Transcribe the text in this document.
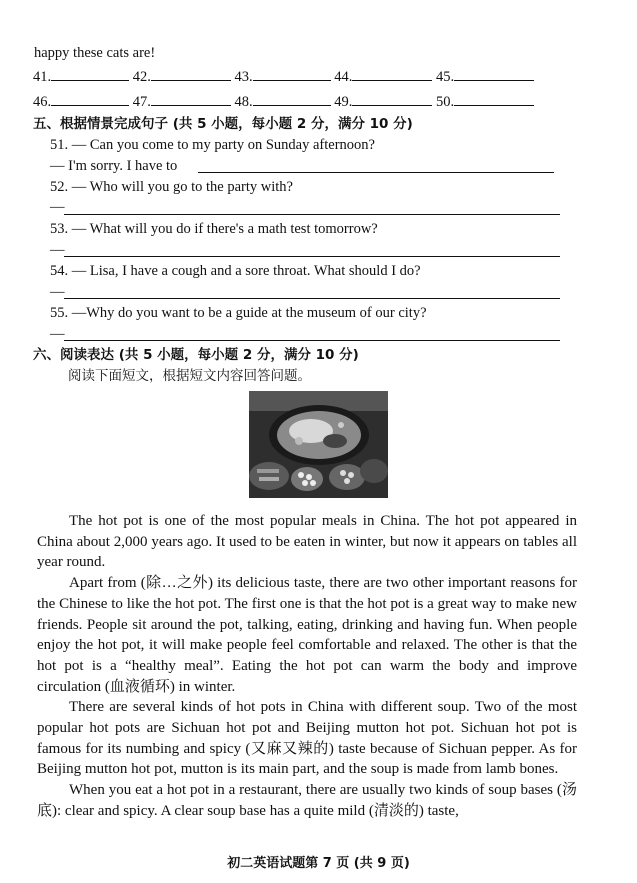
happy these cats are!
41.	42.	43.	44.	45.
46.	47.	48.	49.	50.
五、根据情景完成句子 (共 5 小题，每小题 2 分，满分 10 分)
51. — Can you come to my party on Sunday afternoon?
— I'm sorry. I have to
52. — Who will you go to the party with?
—
53. — What will you do if there's a math test tomorrow?
—
54. — Lisa, I have a cough and a sore throat. What should I do?
—
55. —Why do you want to be a guide at the museum of our city?
—
六、阅读表达 (共 5 小题，每小题 2 分，满分 10 分)
阅读下面短文，根据短文内容回答问题。

The hot pot is one of the most popular meals in China. The hot pot appeared in China about 2,000 years ago. It used to be eaten in winter, but now it appears on tables all year round.

Apart from (除…之外) its delicious taste, there are two other important reasons for the Chinese to like the hot pot. The first one is that the hot pot is a great way to make new friends. People sit around the pot, talking, eating, drinking and having fun. When people enjoy the hot pot, it will make people feel comfortable and relaxed. The other is that the hot pot is a “healthy meal”. Eating the hot pot can warm the body and improve circulation (血液循环) in winter.

There are several kinds of hot pots in China with different soup. Two of the most popular hot pots are Sichuan hot pot and Beijing mutton hot pot. Sichuan hot pot is famous for its numbing and spicy (又麻又辣的) taste because of Sichuan pepper. As for Beijing mutton hot pot, mutton is its main part, and the soup is made from lamb bones.

When you eat a hot pot in a restaurant, there are usually two kinds of soup bases (汤底): clear and spicy. A clear soup base has a quite mild (清淡的) taste,

初二英语试题第 7 页 (共 9 页)
